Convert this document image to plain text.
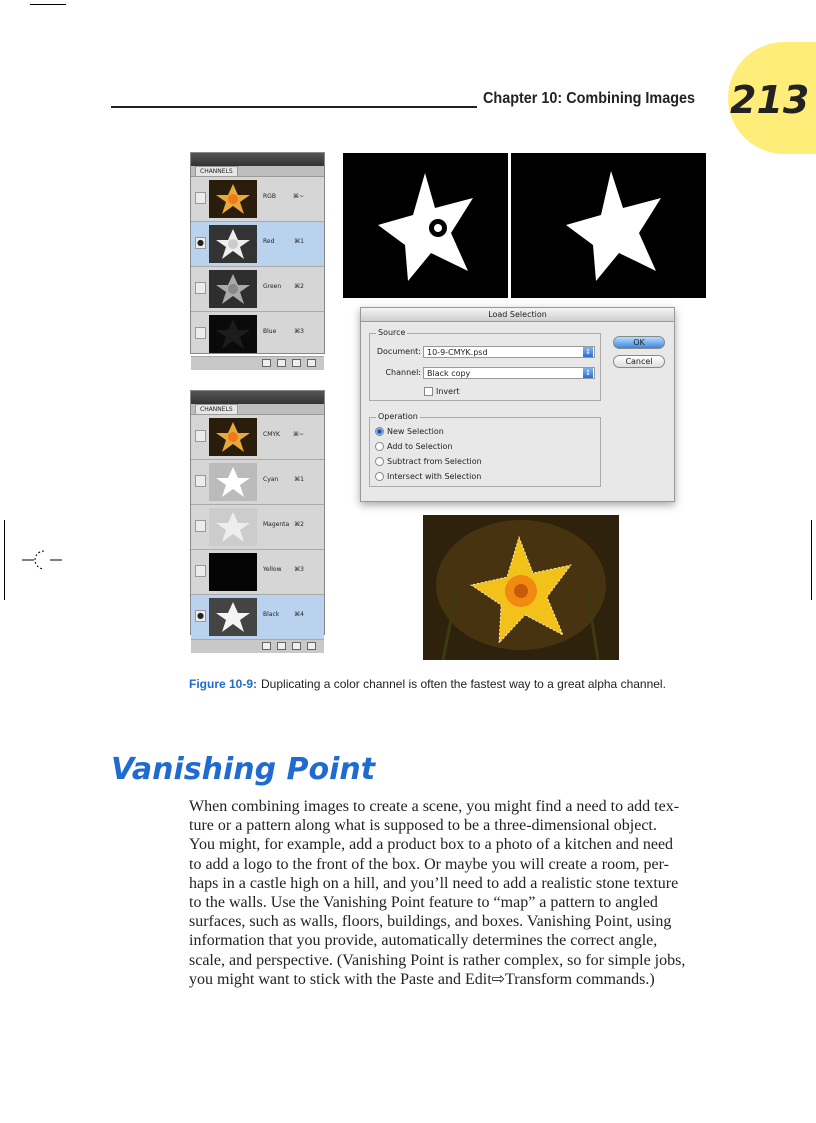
213
Chapter 10: Combining Images
CHANNELS
RGB	⌘~
●	Red	⌘1
Green ⌘2
Blue	⌘3
Load Selection
Source
Document: 10-9-CMYK.psd	↕
Channel: Black copy	↕
Invert
Operation
New Selection
Add to Selection
Subtract from Selection
Intersect with Selection
OK
Cancel
CHANNELS
CMYK ⌘~
Cyan	⌘1
Magenta ⌘2
Yellow ⌘3
●	Black ⌘4
Figure 10-9: Duplicating a color channel is often the fastest way to a great alpha channel.
Vanishing Point
When combining images to create a scene, you might find a need to add tex-
ture or a pattern along what is supposed to be a three-dimensional object.
You might, for example, add a product box to a photo of a kitchen and need
to add a logo to the front of the box. Or maybe you will create a room, per-
haps in a castle high on a hill, and you’ll need to add a realistic stone texture
to the walls. Use the Vanishing Point feature to “map” a pattern to angled
surfaces, such as walls, floors, buildings, and boxes. Vanishing Point, using
information that you provide, automatically determines the correct angle,
scale, and perspective. (Vanishing Point is rather complex, so for simple jobs,
you might want to stick with the Paste and Edit⇨Transform commands.)
